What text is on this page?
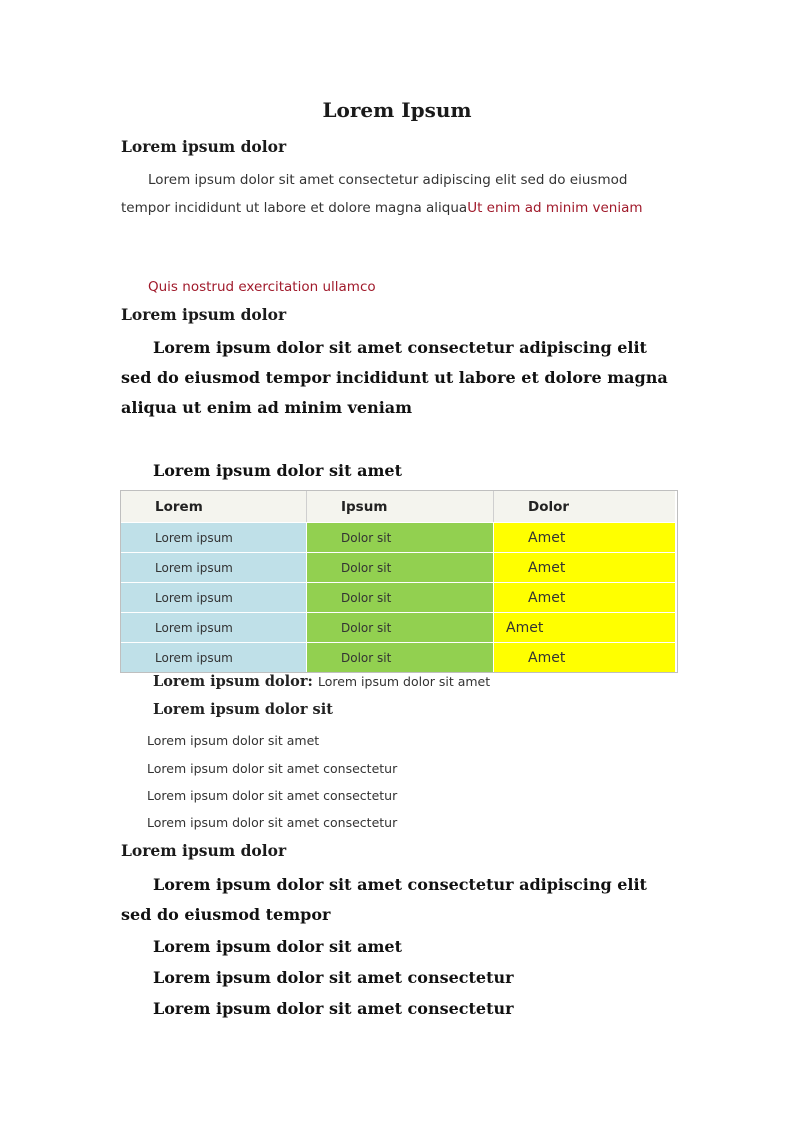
Lorem Ipsum
Lorem ipsum dolor
Lorem ipsum dolor sit amet consectetur adipiscing elit sed do eiusmod tempor incididunt ut labore et dolore magna aliquaUt enim ad minim veniam
Quis nostrud exercitation ullamco
Lorem ipsum dolor
Lorem ipsum dolor sit amet consectetur adipiscing elit sed do eiusmod tempor incididunt ut labore et dolore magna aliqua ut enim ad minim veniam
Lorem ipsum dolor sit amet
Lorem	Ipsum	Dolor
Lorem ipsum	Dolor sit	Amet
Lorem ipsum	Dolor sit	Amet
Lorem ipsum	Dolor sit	Amet
Lorem ipsum	Dolor sit	Amet
Lorem ipsum	Dolor sit	Amet
Lorem ipsum dolor: Lorem ipsum dolor sit amet
Lorem ipsum dolor sit
Lorem ipsum dolor sit amet
Lorem ipsum dolor sit amet consectetur
Lorem ipsum dolor sit amet consectetur
Lorem ipsum dolor sit amet consectetur
Lorem ipsum dolor
Lorem ipsum dolor sit amet consectetur adipiscing elit sed do eiusmod tempor
Lorem ipsum dolor sit amet
Lorem ipsum dolor sit amet consectetur
Lorem ipsum dolor sit amet consectetur
